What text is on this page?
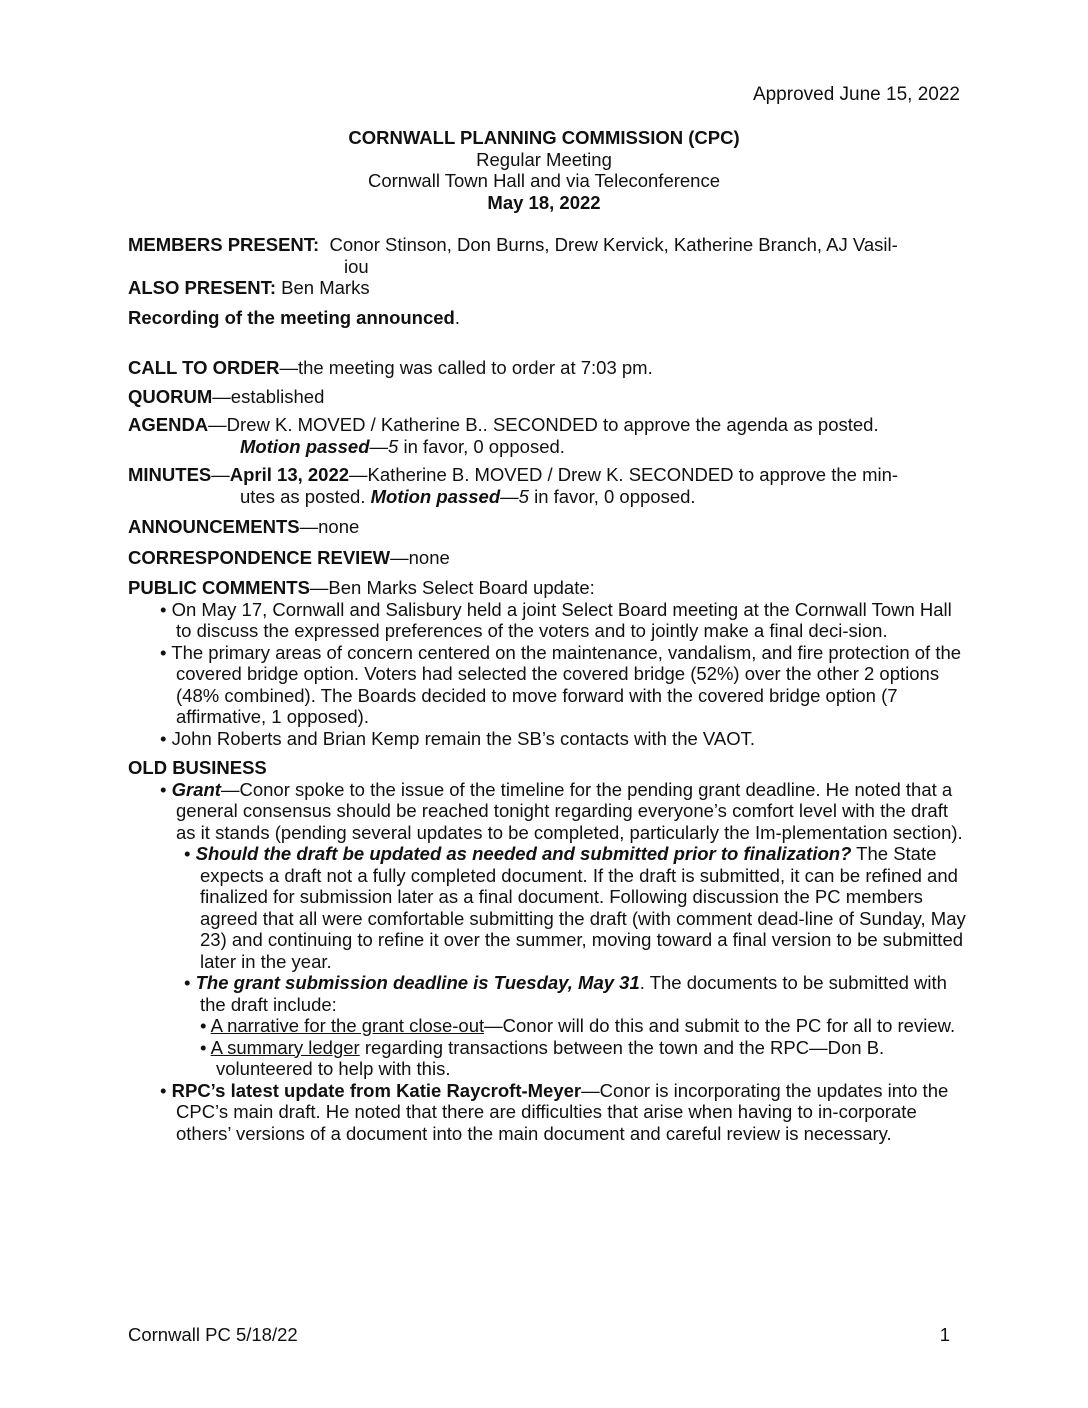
Approved June 15, 2022
CORNWALL PLANNING COMMISSION (CPC)
Regular Meeting
Cornwall Town Hall and via Teleconference
May 18, 2022
MEMBERS PRESENT: Conor Stinson, Don Burns, Drew Kervick, Katherine Branch, AJ Vasil-
iou
ALSO PRESENT: Ben Marks
Recording of the meeting announced.
CALL TO ORDER—the meeting was called to order at 7:03 pm.
QUORUM—established
AGENDA—Drew K. MOVED / Katherine B.. SECONDED to approve the agenda as posted.
Motion passed—5 in favor, 0 opposed.
MINUTES—April 13, 2022—Katherine B. MOVED / Drew K. SECONDED to approve the min-
utes as posted. Motion passed—5 in favor, 0 opposed.
ANNOUNCEMENTS—none
CORRESPONDENCE REVIEW—none
PUBLIC COMMENTS—Ben Marks Select Board update:
• On May 17, Cornwall and Salisbury held a joint Select Board meeting at the Cornwall Town Hall to discuss the expressed preferences of the voters and to jointly make a final deci-sion.
• The primary areas of concern centered on the maintenance, vandalism, and fire protection of the covered bridge option. Voters had selected the covered bridge (52%) over the other 2 options (48% combined). The Boards decided to move forward with the covered bridge option (7 affirmative, 1 opposed).
• John Roberts and Brian Kemp remain the SB’s contacts with the VAOT.
OLD BUSINESS
• Grant—Conor spoke to the issue of the timeline for the pending grant deadline. He noted that a general consensus should be reached tonight regarding everyone’s comfort level with the draft as it stands (pending several updates to be completed, particularly the Im-plementation section).
• Should the draft be updated as needed and submitted prior to finalization? The State expects a draft not a fully completed document. If the draft is submitted, it can be refined and finalized for submission later as a final document. Following discussion the PC members agreed that all were comfortable submitting the draft (with comment dead-line of Sunday, May 23) and continuing to refine it over the summer, moving toward a final version to be submitted later in the year.
• The grant submission deadline is Tuesday, May 31. The documents to be submitted with the draft include:
• A narrative for the grant close-out—Conor will do this and submit to the PC for all to review.
• A summary ledger regarding transactions between the town and the RPC—Don B. volunteered to help with this.
• RPC’s latest update from Katie Raycroft-Meyer—Conor is incorporating the updates into the CPC’s main draft. He noted that there are difficulties that arise when having to in-corporate others’ versions of a document into the main document and careful review is necessary.
Cornwall PC 5/18/22	1
